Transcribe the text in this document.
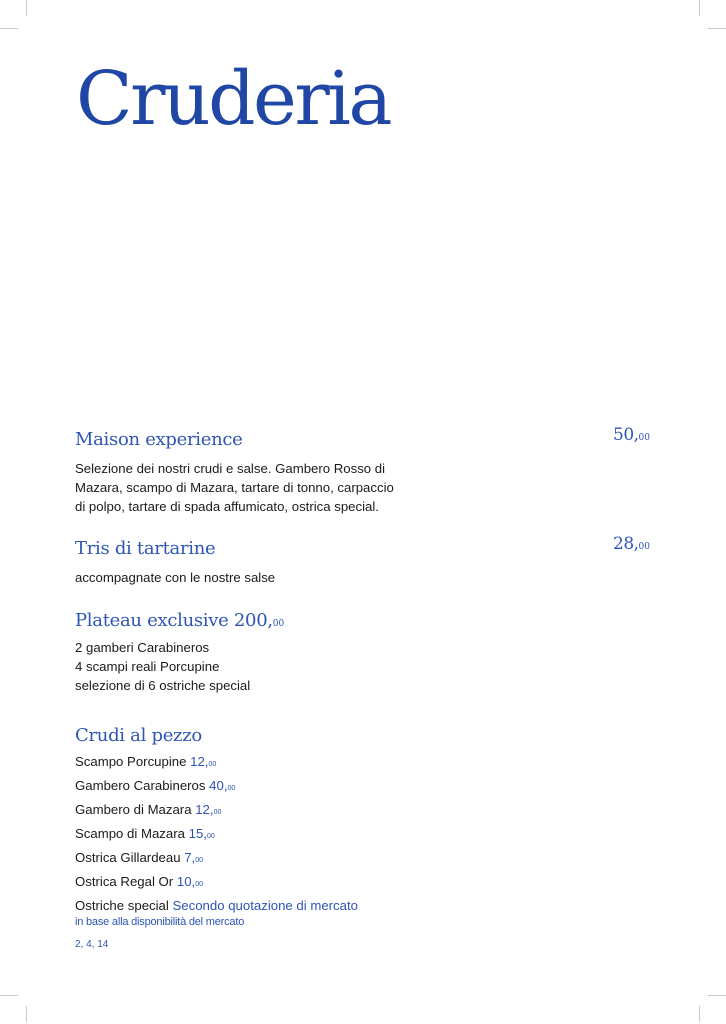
Cruderia
Maison experience	50,00
Selezione dei nostri crudi e salse. Gambero Rosso di
Mazara, scampo di Mazara, tartare di tonno, carpaccio
di polpo, tartare di spada affumicato, ostrica special.
Tris di tartarine	28,00
accompagnate con le nostre salse
Plateau exclusive 200,00
2 gamberi Carabineros
4 scampi reali Porcupine
selezione di 6 ostriche special
Crudi al pezzo
Scampo Porcupine 12,00
Gambero Carabineros 40,00
Gambero di Mazara 12,00
Scampo di Mazara 15,00
Ostrica Gillardeau 7,00
Ostrica Regal Or 10,00
Ostriche special Secondo quotazione di mercato

in base alla disponibilità del mercato

2, 4, 14
